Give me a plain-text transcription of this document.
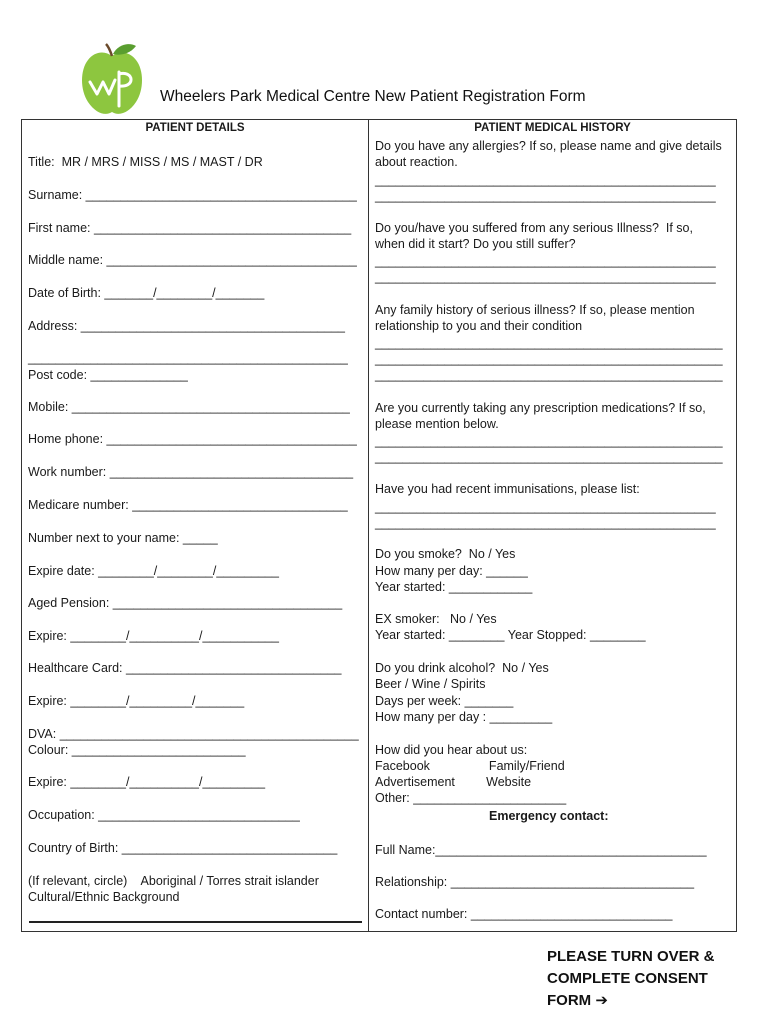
Wheelers Park Medical Centre New Patient Registration Form
PATIENT DETAILS
Title:  MR / MRS / MISS / MS / MAST / DR
Surname: _______________________________________
First name: _____________________________________
Middle name: ____________________________________
Date of Birth: _______/________/_______
Address: ______________________________________
______________________________________________
Post code: ______________
Mobile: ________________________________________
Home phone: ____________________________________
Work number: ___________________________________
Medicare number: _______________________________
Number next to your name: _____
Expire date: ________/________/_________
Aged Pension: _________________________________
Expire: ________/__________/___________
Healthcare Card: _______________________________
Expire: ________/_________/_______
DVA: ___________________________________________
Colour: _________________________
Expire: ________/__________/_________
Occupation: _____________________________
Country of Birth: _______________________________
(If relevant, circle)    Aboriginal / Torres strait islander
Cultural/Ethnic Background
PATIENT MEDICAL HISTORY
Do you have any allergies? If so, please name and give details
about reaction.
_________________________________________________
_________________________________________________
Do you/have you suffered from any serious Illness?  If so,
when did it start? Do you still suffer?
_________________________________________________
_________________________________________________
Any family history of serious illness? If so, please mention
relationship to you and their condition
__________________________________________________
__________________________________________________
__________________________________________________
Are you currently taking any prescription medications? If so,
please mention below.
__________________________________________________
__________________________________________________
Have you had recent immunisations, please list:
_________________________________________________
_________________________________________________
Do you smoke?  No / Yes
How many per day: ______
Year started: ____________
EX smoker:   No / Yes
Year started: ________ Year Stopped: ________
Do you drink alcohol?  No / Yes
Beer / Wine / Spirits
Days per week: _______
How many per day : _________
How did you hear about us:
Facebook                 Family/Friend
Advertisement         Website
Other: ______________________
Emergency contact:
Full Name:_______________________________________
Relationship: ___________________________________
Contact number: _____________________________
PLEASE TURN OVER &
COMPLETE CONSENT
FORM ➔
